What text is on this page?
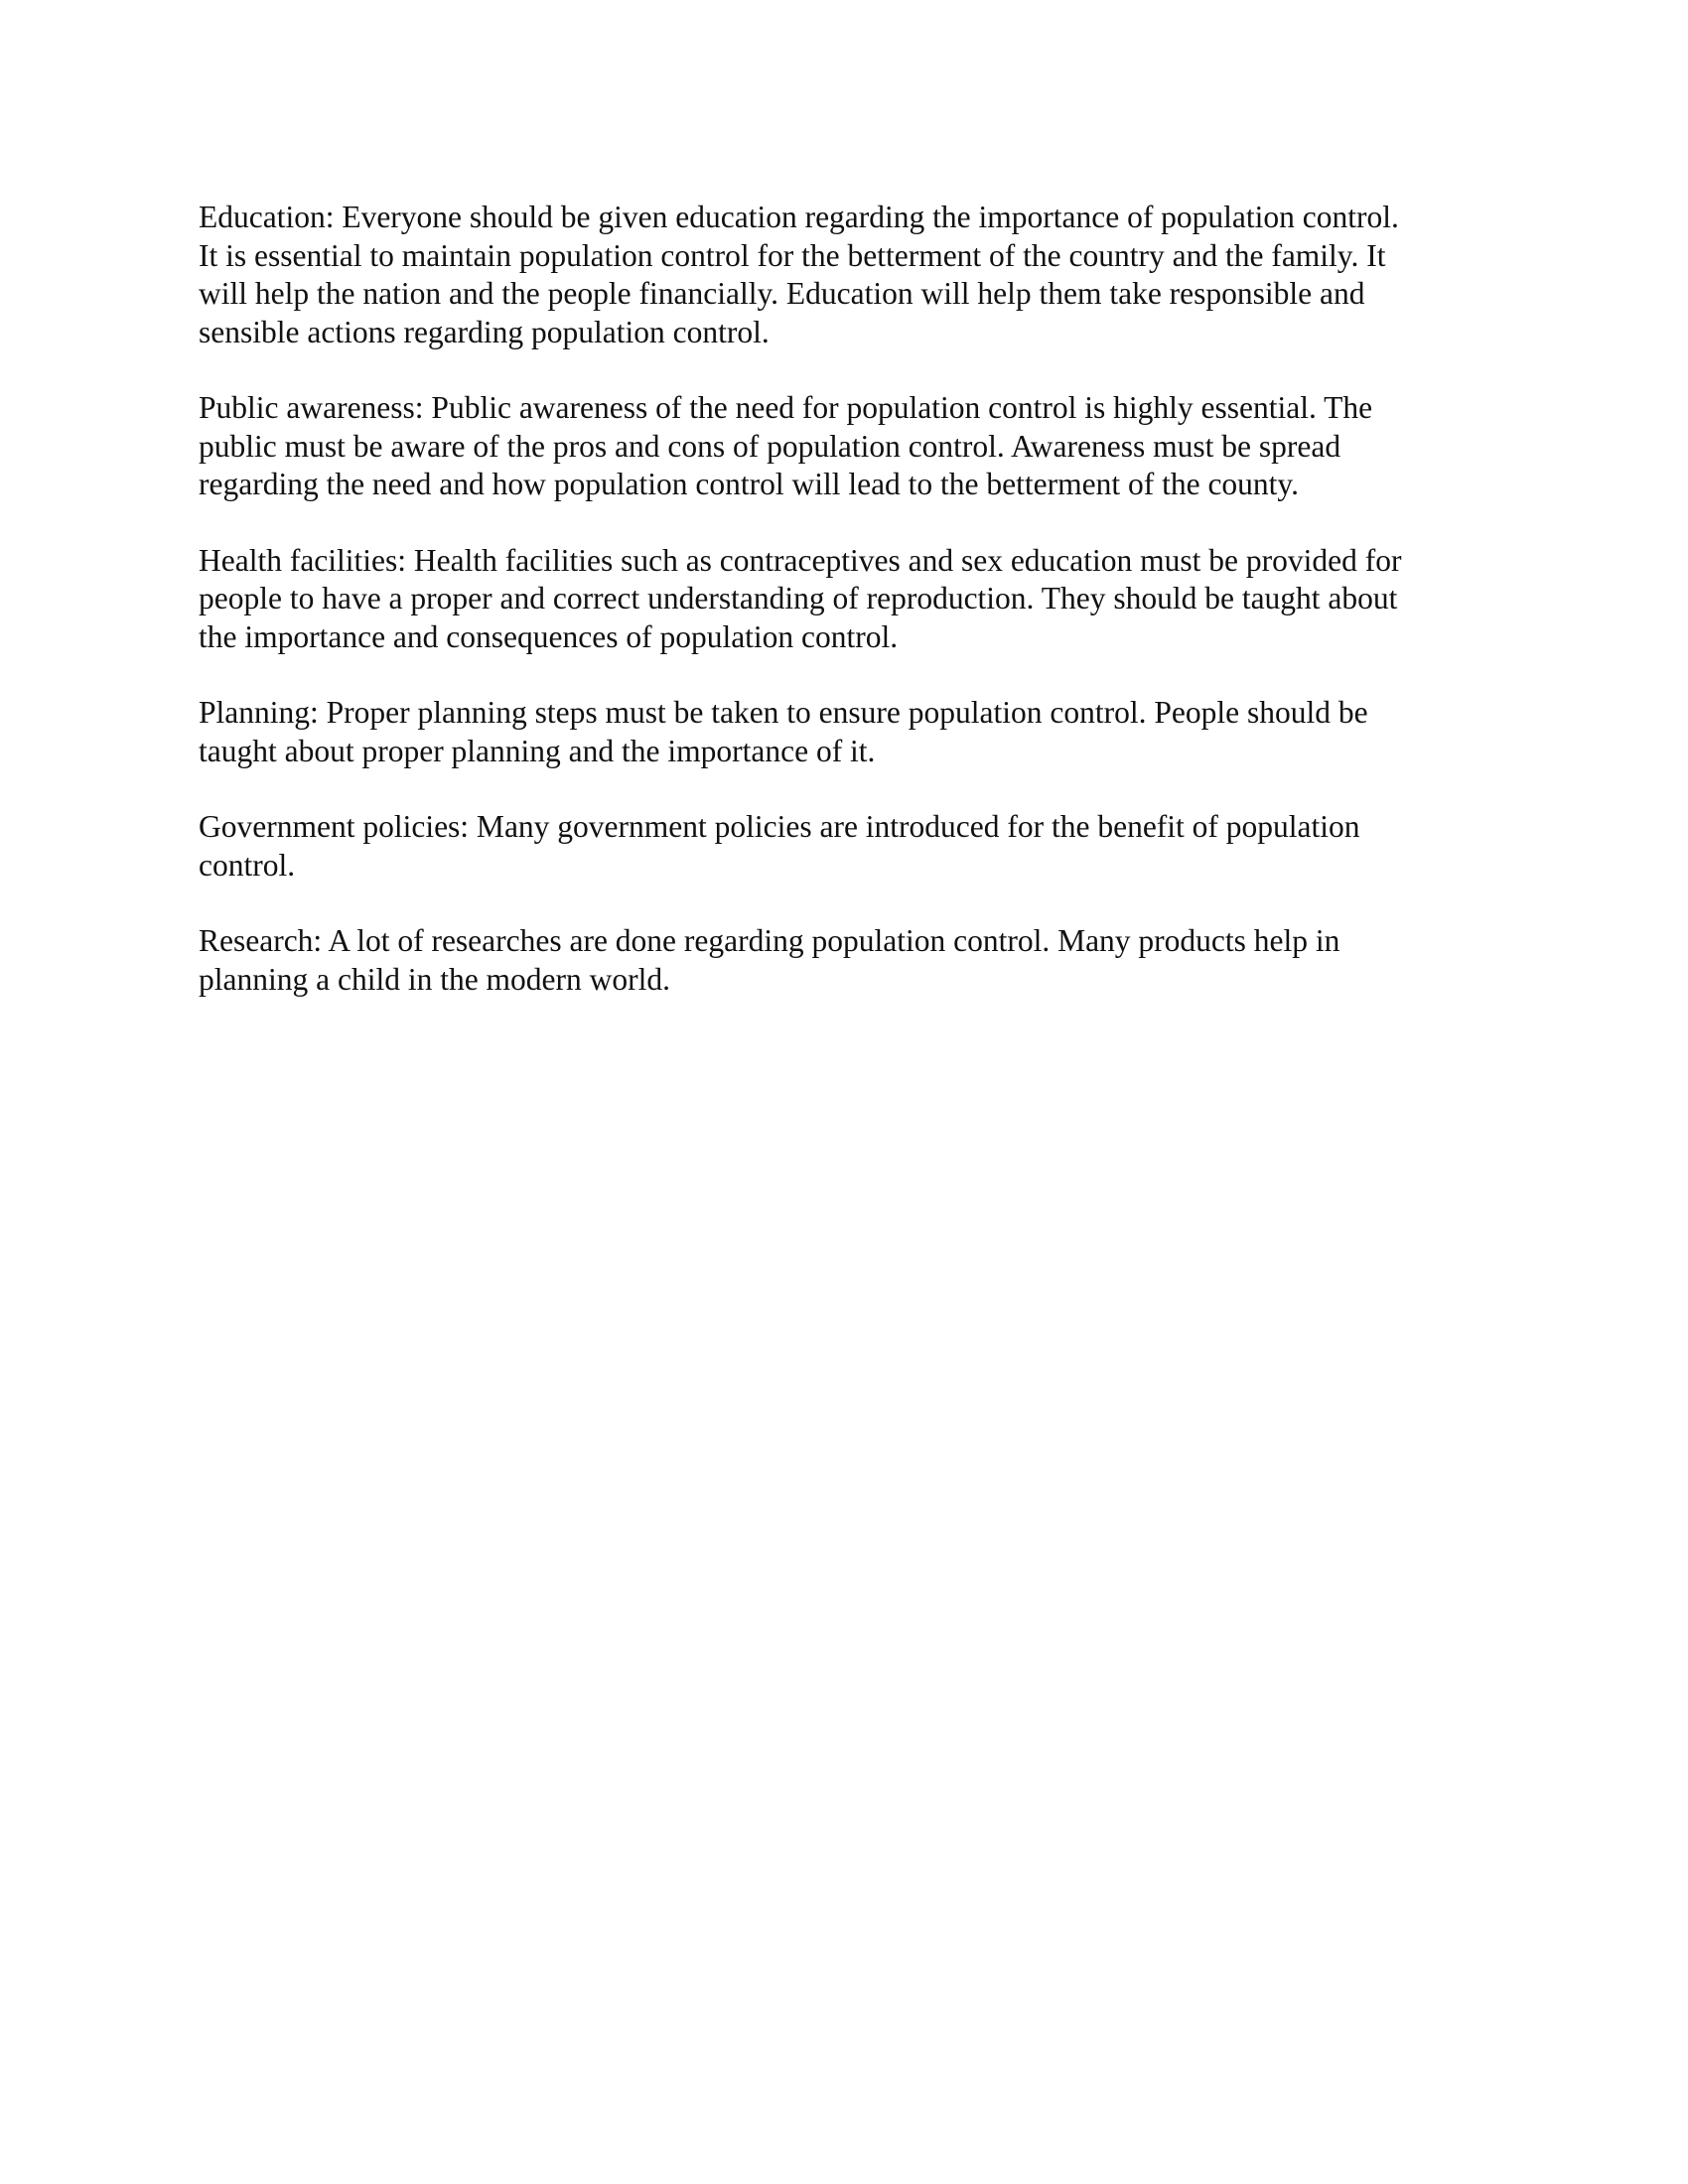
Education: Everyone should be given education regarding the importance of population control.
It is essential to maintain population control for the betterment of the country and the family. It
will help the nation and the people financially. Education will help them take responsible and
sensible actions regarding population control.

Public awareness: Public awareness of the need for population control is highly essential. The
public must be aware of the pros and cons of population control. Awareness must be spread
regarding the need and how population control will lead to the betterment of the county.

Health facilities: Health facilities such as contraceptives and sex education must be provided for
people to have a proper and correct understanding of reproduction. They should be taught about
the importance and consequences of population control.

Planning: Proper planning steps must be taken to ensure population control. People should be
taught about proper planning and the importance of it.

Government policies: Many government policies are introduced for the benefit of population
control.

Research: A lot of researches are done regarding population control. Many products help in
planning a child in the modern world.
